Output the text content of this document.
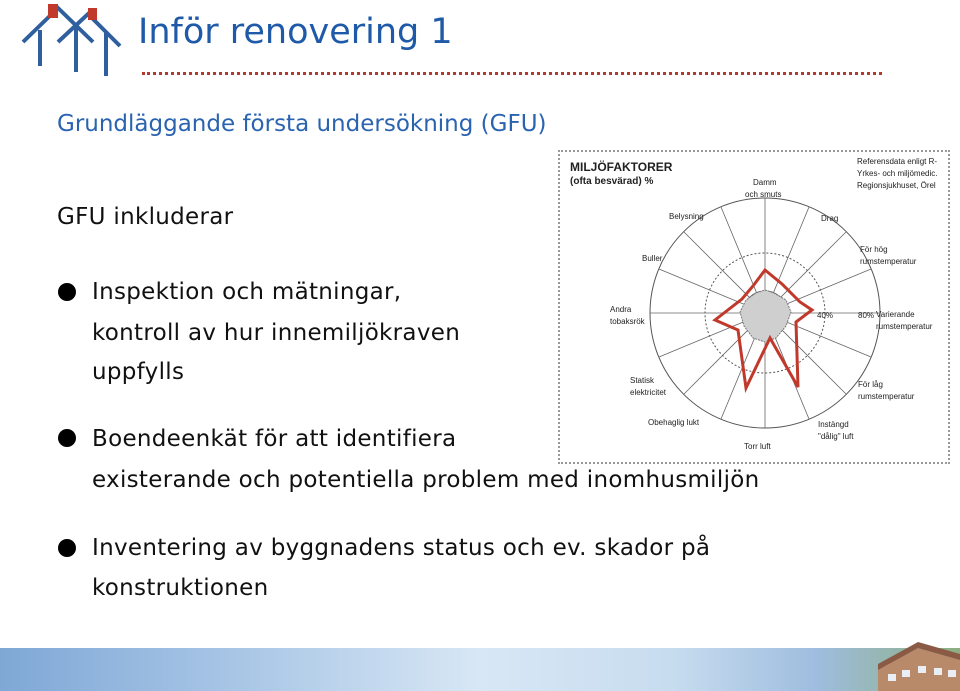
Inför renovering 1
Grundläggande första undersökning (GFU)
GFU inkluderar
Inspektion och mätningar,
kontroll av hur innemiljökraven
uppfylls
Boendeenkät för att identifiera
existerande och potentiella problem med inomhusmiljön
Inventering av byggnadens status och ev. skador på
konstruktionen
MILJÖFAKTORER
(ofta besvärad) %
Referensdata enligt R-
Yrkes- och miljömedic.
Regionsjukhuset, Örel
Damm
och smuts
Drag
Belysning
Buller
För hög
rumstemperatur
Andra
tobaksrök
40%	80% Varierande
rumstemperatur
Statisk
elektricitet
För låg
rumstemperatur
Obehaglig lukt	Instängd
"dålig" luft
Torr luft
